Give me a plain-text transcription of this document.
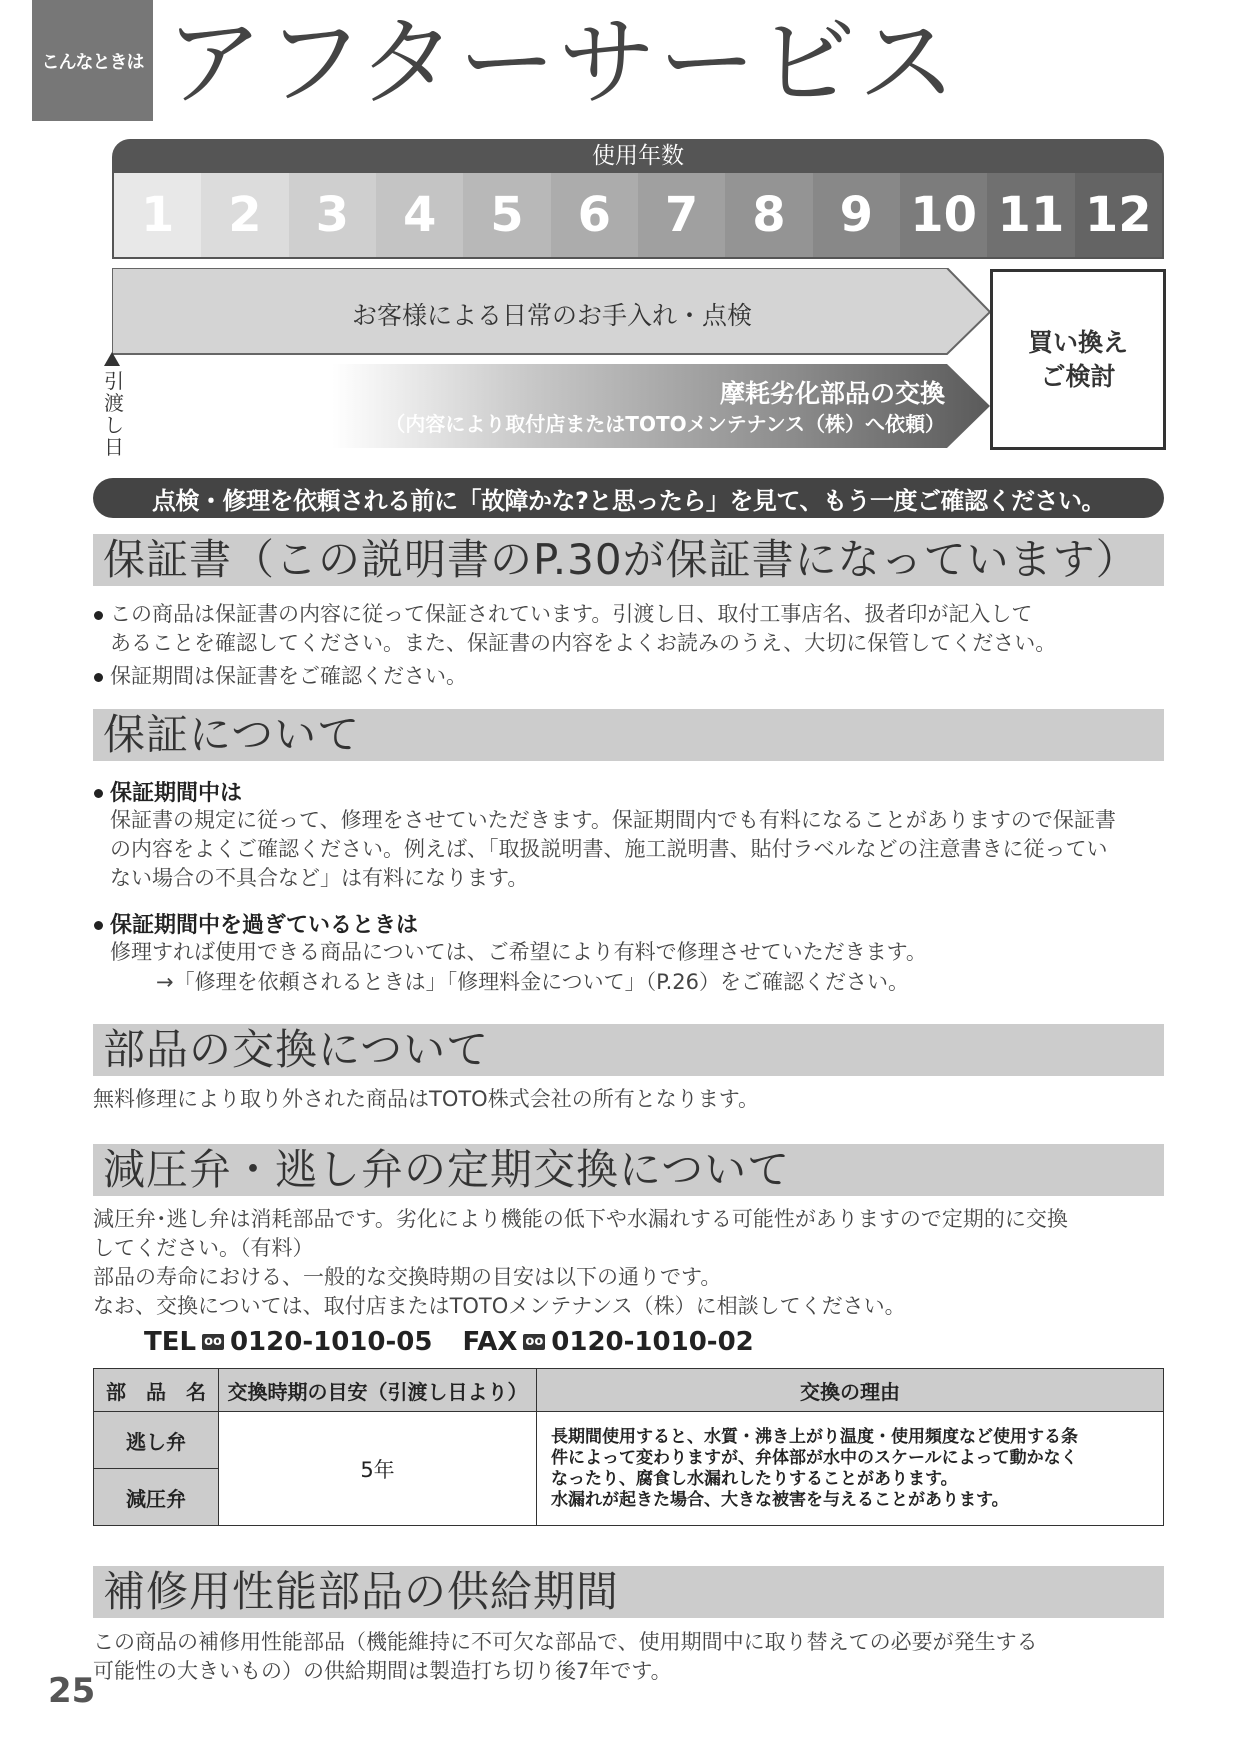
こんなときは アフターサービス
使用年数
1	2	3	4	5	6	7	8	9 10 11 12
お客様による日常のお手入れ・点検
摩耗劣化部品の交換
（内容により取付店またはTOTOメンテナンス（株）へ依頼）
買い換え
ご検討
引渡し日
点検・修理を依頼される前に「故障かな?と思ったら」を見て、もう一度ご確認ください。
保証書（この説明書のP.30が保証書になっています）
この商品は保証書の内容に従って保証されています。引渡し日、取付工事店名、扱者印が記入して
あることを確認してください。また、保証書の内容をよくお読みのうえ、大切に保管してください。
保証期間は保証書をご確認ください。
保証について
保証期間中は
保証書の規定に従って、修理をさせていただきます。保証期間内でも有料になることがありますので保証書
の内容をよくご確認ください。例えば、「取扱説明書、施工説明書、貼付ラベルなどの注意書きに従ってい
ない場合の不具合など」は有料になります。
保証期間中を過ぎているときは
修理すれば使用できる商品については、ご希望により有料で修理させていただきます。
→「修理を依頼されるときは」「修理料金について」（P.26）をご確認ください。
部品の交換について
無料修理により取り外された商品はTOTO株式会社の所有となります。
減圧弁・逃し弁の定期交換について
減圧弁･逃し弁は消耗部品です。劣化により機能の低下や水漏れする可能性がありますので定期的に交換
してください。（有料）
部品の寿命における、一般的な交換時期の目安は以下の通りです。
なお、交換については、取付店またはTOTOメンテナンス（株）に相談してください。
TEL oo 0120-1010-05 FAX oo 0120-1010-02
部　品　名	交換時期の目安（引渡し日より）	交換の理由
逃し弁	5年	長期間使用すると、水質・沸き上がり温度・使用頻度など使用する条
件によって変わりますが、弁体部が水中のスケールによって動かなく
なったり、腐食し水漏れしたりすることがあります。
水漏れが起きた場合、大きな被害を与えることがあります。

減圧弁		
補修用性能部品の供給期間
この商品の補修用性能部品（機能維持に不可欠な部品で、使用期間中に取り替えての必要が発生する
可能性の大きいもの）の供給期間は製造打ち切り後7年です。
25
